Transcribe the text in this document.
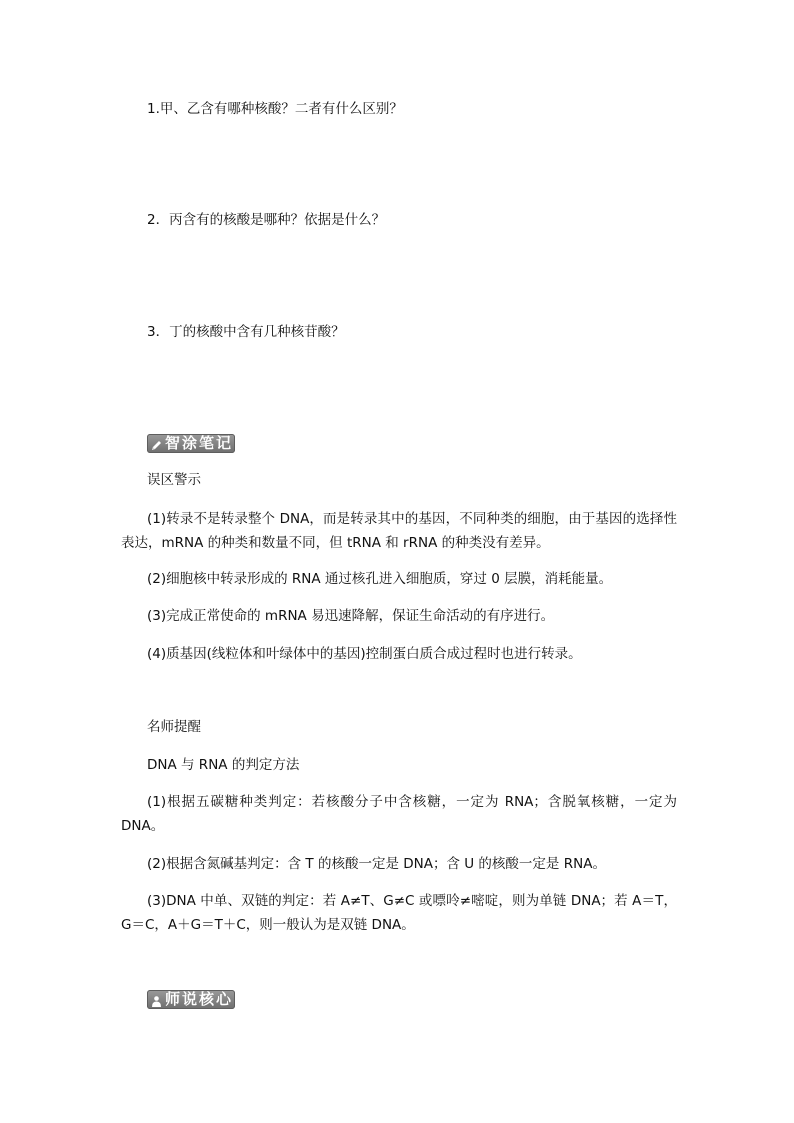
1.甲、乙含有哪种核酸？二者有什么区别？

2．丙含有的核酸是哪种？依据是什么？

3．丁的核酸中含有几种核苷酸？

智涂笔记

误区警示

(1)转录不是转录整个 DNA，而是转录其中的基因，不同种类的细胞，由于基因的选择性表达，mRNA 的种类和数量不同，但 tRNA 和 rRNA 的种类没有差异。

(2)细胞核中转录形成的 RNA 通过核孔进入细胞质，穿过 0 层膜，消耗能量。

(3)完成正常使命的 mRNA 易迅速降解，保证生命活动的有序进行。

(4)质基因(线粒体和叶绿体中的基因)控制蛋白质合成过程时也进行转录。

名师提醒

DNA 与 RNA 的判定方法

(1)根据五碳糖种类判定：若核酸分子中含核糖，一定为 RNA；含脱氧核糖，一定为 DNA。

(2)根据含氮碱基判定：含 T 的核酸一定是 DNA；含 U 的核酸一定是 RNA。

(3)DNA 中单、双链的判定：若 A≠T、G≠C 或嘌呤≠嘧啶，则为单链 DNA；若 A＝T，G＝C，A＋G＝T＋C，则一般认为是双链 DNA。

师说核心
